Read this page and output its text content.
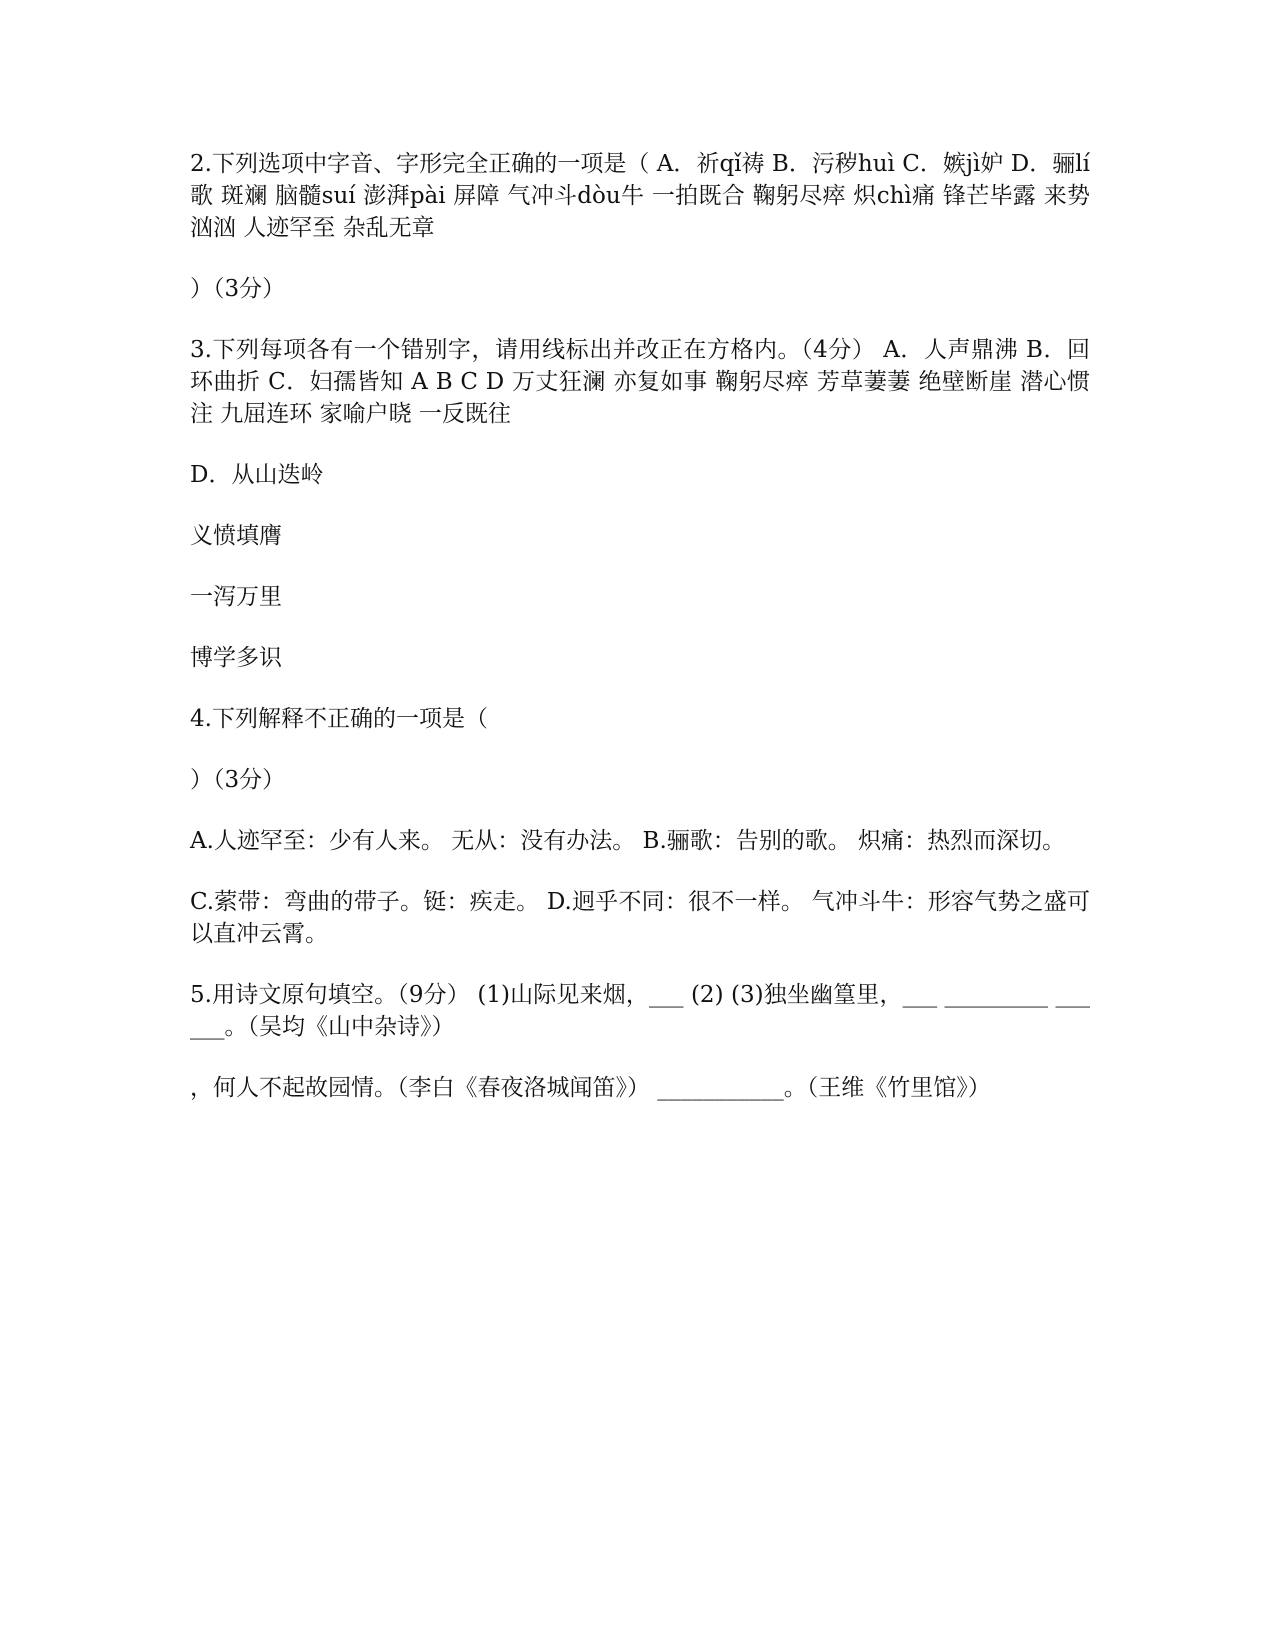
2.下列选项中字音、字形完全正确的一项是（ A．祈qǐ祷 B．污秽huì C．嫉jì妒 D．骊lí歌 斑斓 脑髓suí 澎湃pài 屏障 气冲斗dòu牛 一拍既合 鞠躬尽瘁 炽chì痛 锋芒毕露 来势汹汹 人迹罕至 杂乱无章

）（3分）

3.下列每项各有一个错别字，请用线标出并改正在方格内。（4分） A．人声鼎沸 B．回环曲折 C．妇孺皆知 A B C D 万丈狂澜 亦复如事 鞠躬尽瘁 芳草萋萋 绝壁断崖 潜心惯注 九屈连环 家喻户晓 一反既往

D．从山迭岭

义愤填膺

一泻万里

博学多识

4.下列解释不正确的一项是（

）（3分）

A.人迹罕至：少有人来。 无从：没有办法。 B.骊歌：告别的歌。 炽痛：热烈而深切。

C.萦带：弯曲的带子。铤：疾走。 D.迥乎不同：很不一样。 气冲斗牛：形容气势之盛可以直冲云霄。

5.用诗文原句填空。（9分） (1)山际见来烟，___ (2) (3)独坐幽篁里，___ _________ ______。（吴均《山中杂诗》）

，何人不起故园情。（李白《春夜洛城闻笛》） ___________。（王维《竹里馆》）
